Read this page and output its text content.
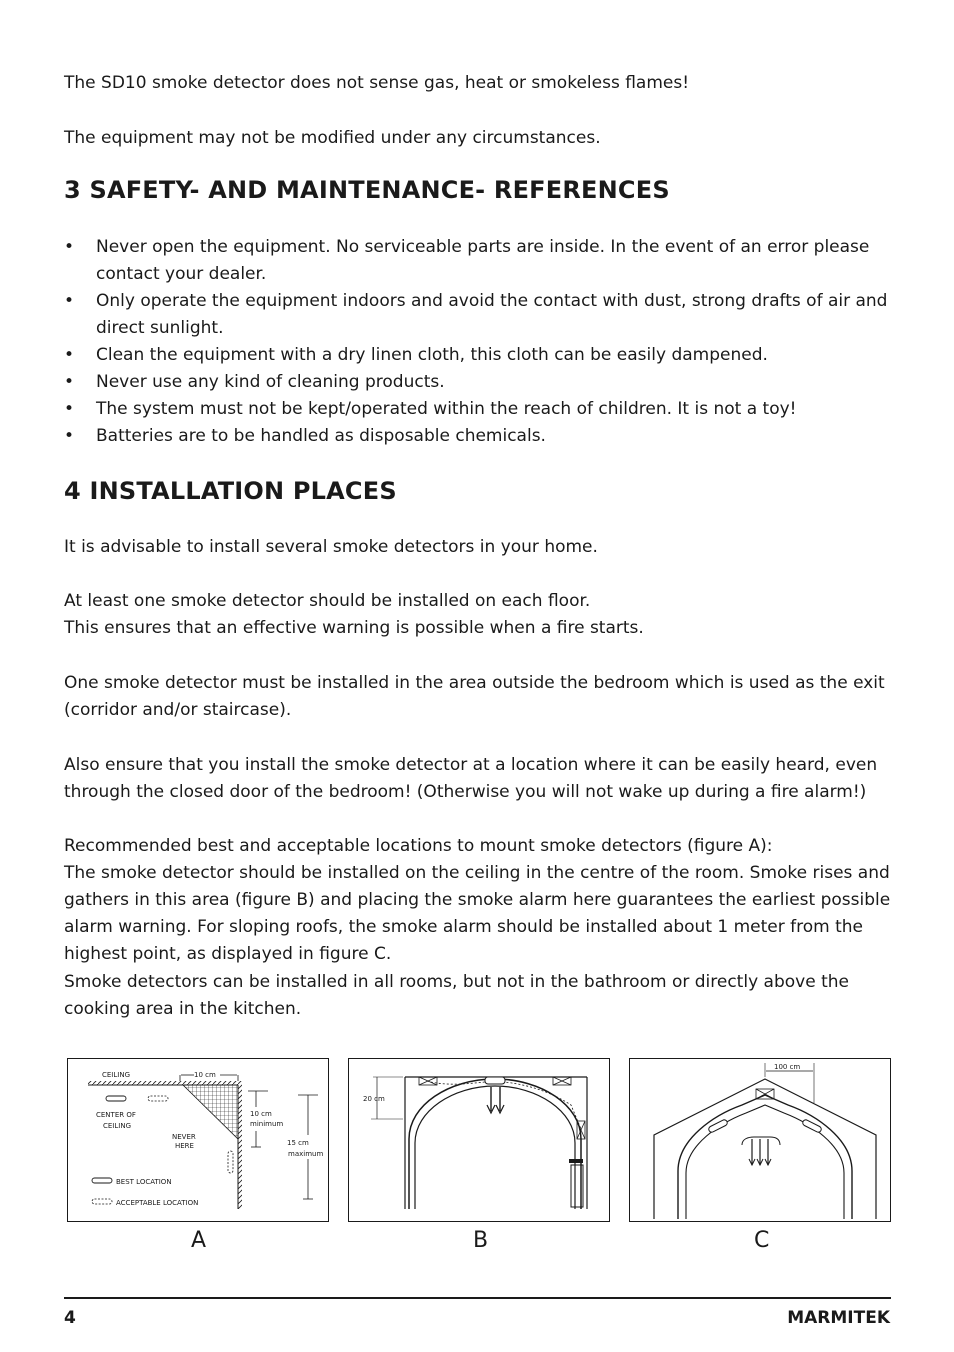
The SD10 smoke detector does not sense gas, heat or smokeless flames!

The equipment may not be modified under any circumstances.

3 SAFETY- AND MAINTENANCE- REFERENCES
• Never open the equipment. No serviceable parts are inside. In the event of an error please contact your dealer.
• Only operate the equipment indoors and avoid the contact with dust, strong drafts of air and direct sunlight.
• Clean the equipment with a dry linen cloth, this cloth can be easily dampened.
• Never use any kind of cleaning products.
• The system must not be kept/operated within the reach of children. It is not a toy!
• Batteries are to be handled as disposable chemicals.
4 INSTALLATION PLACES

It is advisable to install several smoke detectors in your home.

At least one smoke detector should be installed on each floor.

This ensures that an effective warning is possible when a fire starts.

One smoke detector must be installed in the area outside the bedroom which is used as the exit (corridor and/or staircase).

Also ensure that you install the smoke detector at a location where it can be easily heard, even through the closed door of the bedroom! (Otherwise you will not wake up during a fire alarm!)

Recommended best and acceptable locations to mount smoke detectors (figure A):

The smoke detector should be installed on the ceiling in the centre of the room. Smoke rises and gathers in this area (figure B) and placing the smoke alarm here guarantees the earliest possible alarm warning. For sloping roofs, the smoke alarm should be installed about 1 meter from the highest point, as displayed in figure C.

Smoke detectors can be installed in all rooms, but not in the bathroom or directly above the cooking area in the kitchen.

10 cm
CEILING
CENTER OF
CEILING
NEVER
HERE
10 cm
minimum
15 cm
maximum
BEST LOCATION
ACCEPTABLE LOCATION
A
20 cm
B
100 cm
C
4	MARMITEK
